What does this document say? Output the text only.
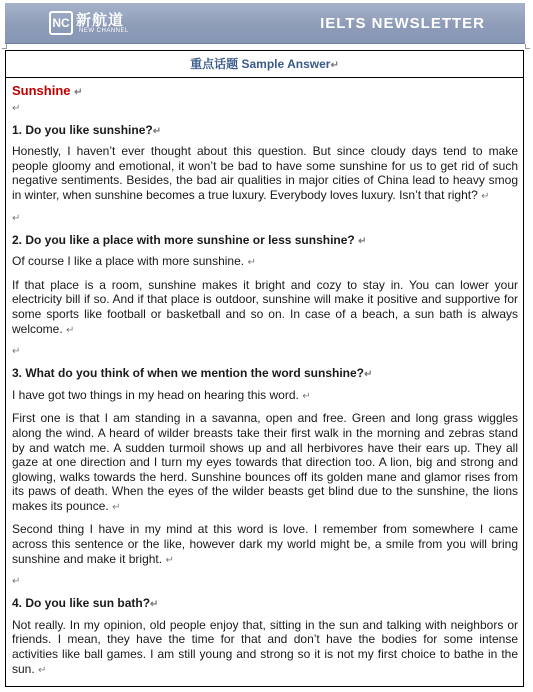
NC 新航道
NEW CHANNEL	IELTS NEWSLETTER
重点话题 Sample Answer↵
Sunshine ↵
↵
1. Do you like sunshine?↵
Honestly, I haven’t ever thought about this question. But since cloudy days tend to make people gloomy and emotional, it won’t be bad to have some sunshine for us to get rid of such negative sentiments. Besides, the bad air qualities in major cities of China lead to heavy smog in winter, when sunshine becomes a true luxury. Everybody loves luxury. Isn’t that right? ↵
↵
2. Do you like a place with more sunshine or less sunshine? ↵
Of course I like a place with more sunshine. ↵
If that place is a room, sunshine makes it bright and cozy to stay in. You can lower your electricity bill if so. And if that place is outdoor, sunshine will make it positive and supportive for some sports like football or basketball and so on. In case of a beach, a sun bath is always welcome. ↵
↵
3. What do you think of when we mention the word sunshine?↵
I have got two things in my head on hearing this word. ↵
First one is that I am standing in a savanna, open and free. Green and long grass wiggles along the wind. A heard of wilder breasts take their first walk in the morning and zebras stand by and watch me. A sudden turmoil shows up and all herbivores have their ears up. They all gaze at one direction and I turn my eyes towards that direction too. A lion, big and strong and glowing, walks towards the herd. Sunshine bounces off its golden mane and glamor rises from its paws of death. When the eyes of the wilder beasts get blind due to the sunshine, the lions makes its pounce. ↵
Second thing I have in my mind at this word is love. I remember from somewhere I came across this sentence or the like, however dark my world might be, a smile from you will bring sunshine and make it bright. ↵
↵
4. Do you like sun bath?↵
Not really. In my opinion, old people enjoy that, sitting in the sun and talking with neighbors or friends. I mean, they have the time for that and don’t have the bodies for some intense activities like ball games. I am still young and strong so it is not my first choice to bathe in the sun. ↵
